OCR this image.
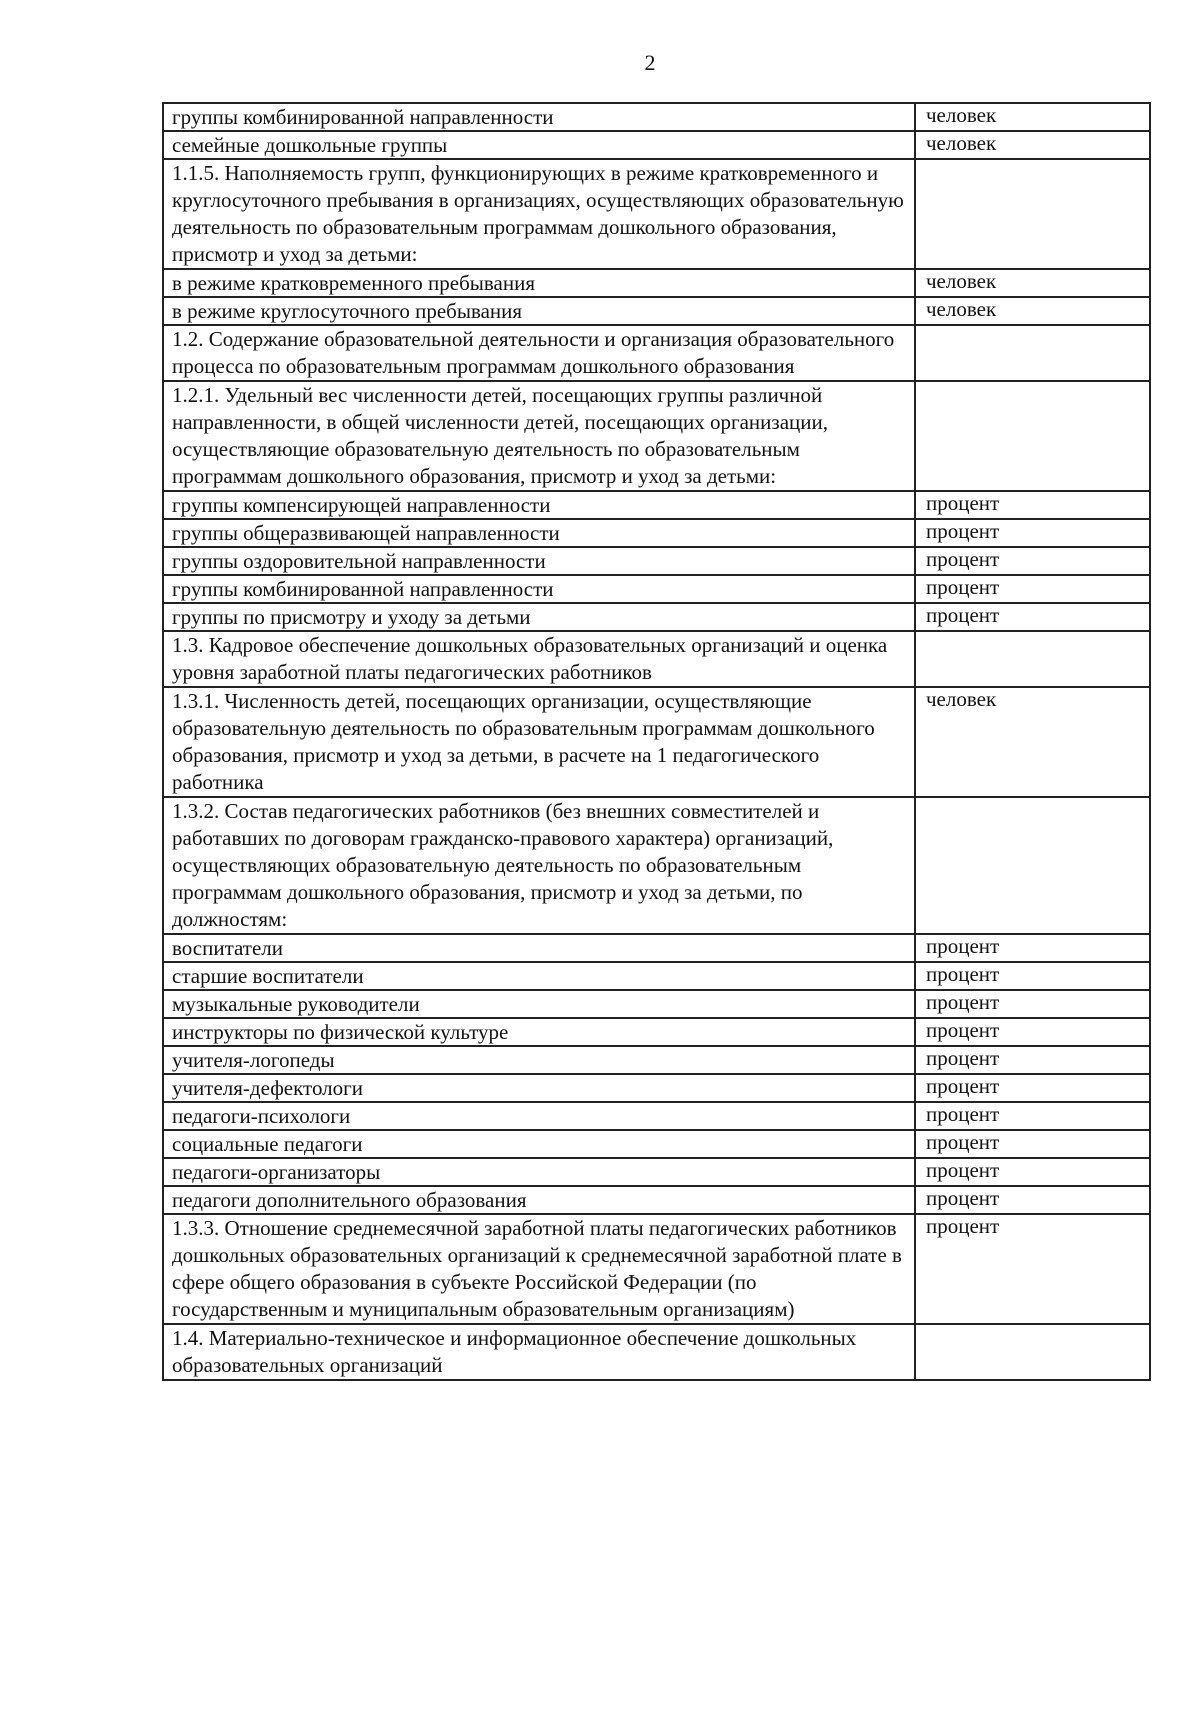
2
группы комбинированной направленности	человек
семейные дошкольные группы	человек
1.1.5. Наполняемость групп, функционирующих в режиме кратковременного и круглосуточного пребывания в организациях, осуществляющих образовательную деятельность по образовательным программам дошкольного образования, присмотр и уход за детьми:	
в режиме кратковременного пребывания	человек
в режиме круглосуточного пребывания	человек
1.2. Содержание образовательной деятельности и организация образовательного процесса по образовательным программам дошкольного образования	
1.2.1. Удельный вес численности детей, посещающих группы различной направленности, в общей численности детей, посещающих организации, осуществляющие образовательную деятельность по образовательным программам дошкольного образования, присмотр и уход за детьми:	
группы компенсирующей направленности	процент
группы общеразвивающей направленности	процент
группы оздоровительной направленности	процент
группы комбинированной направленности	процент
группы по присмотру и уходу за детьми	процент
1.3. Кадровое обеспечение дошкольных образовательных организаций и оценка уровня заработной платы педагогических работников	
1.3.1. Численность детей, посещающих организации, осуществляющие образовательную деятельность по образовательным программам дошкольного образования, присмотр и уход за детьми, в расчете на 1 педагогического работника	человек
1.3.2. Состав педагогических работников (без внешних совместителей и работавших по договорам гражданско-правового характера) организаций, осуществляющих образовательную деятельность по образовательным программам дошкольного образования, присмотр и уход за детьми, по должностям:	
воспитатели	процент
старшие воспитатели	процент
музыкальные руководители	процент
инструкторы по физической культуре	процент
учителя-логопеды	процент
учителя-дефектологи	процент
педагоги-психологи	процент
социальные педагоги	процент
педагоги-организаторы	процент
педагоги дополнительного образования	процент
1.3.3. Отношение среднемесячной заработной платы педагогических работников дошкольных образовательных организаций к среднемесячной заработной плате в сфере общего образования в субъекте Российской Федерации (по государственным и муниципальным образовательным организациям)	процент
1.4. Материально-техническое и информационное обеспечение дошкольных образовательных организаций	
